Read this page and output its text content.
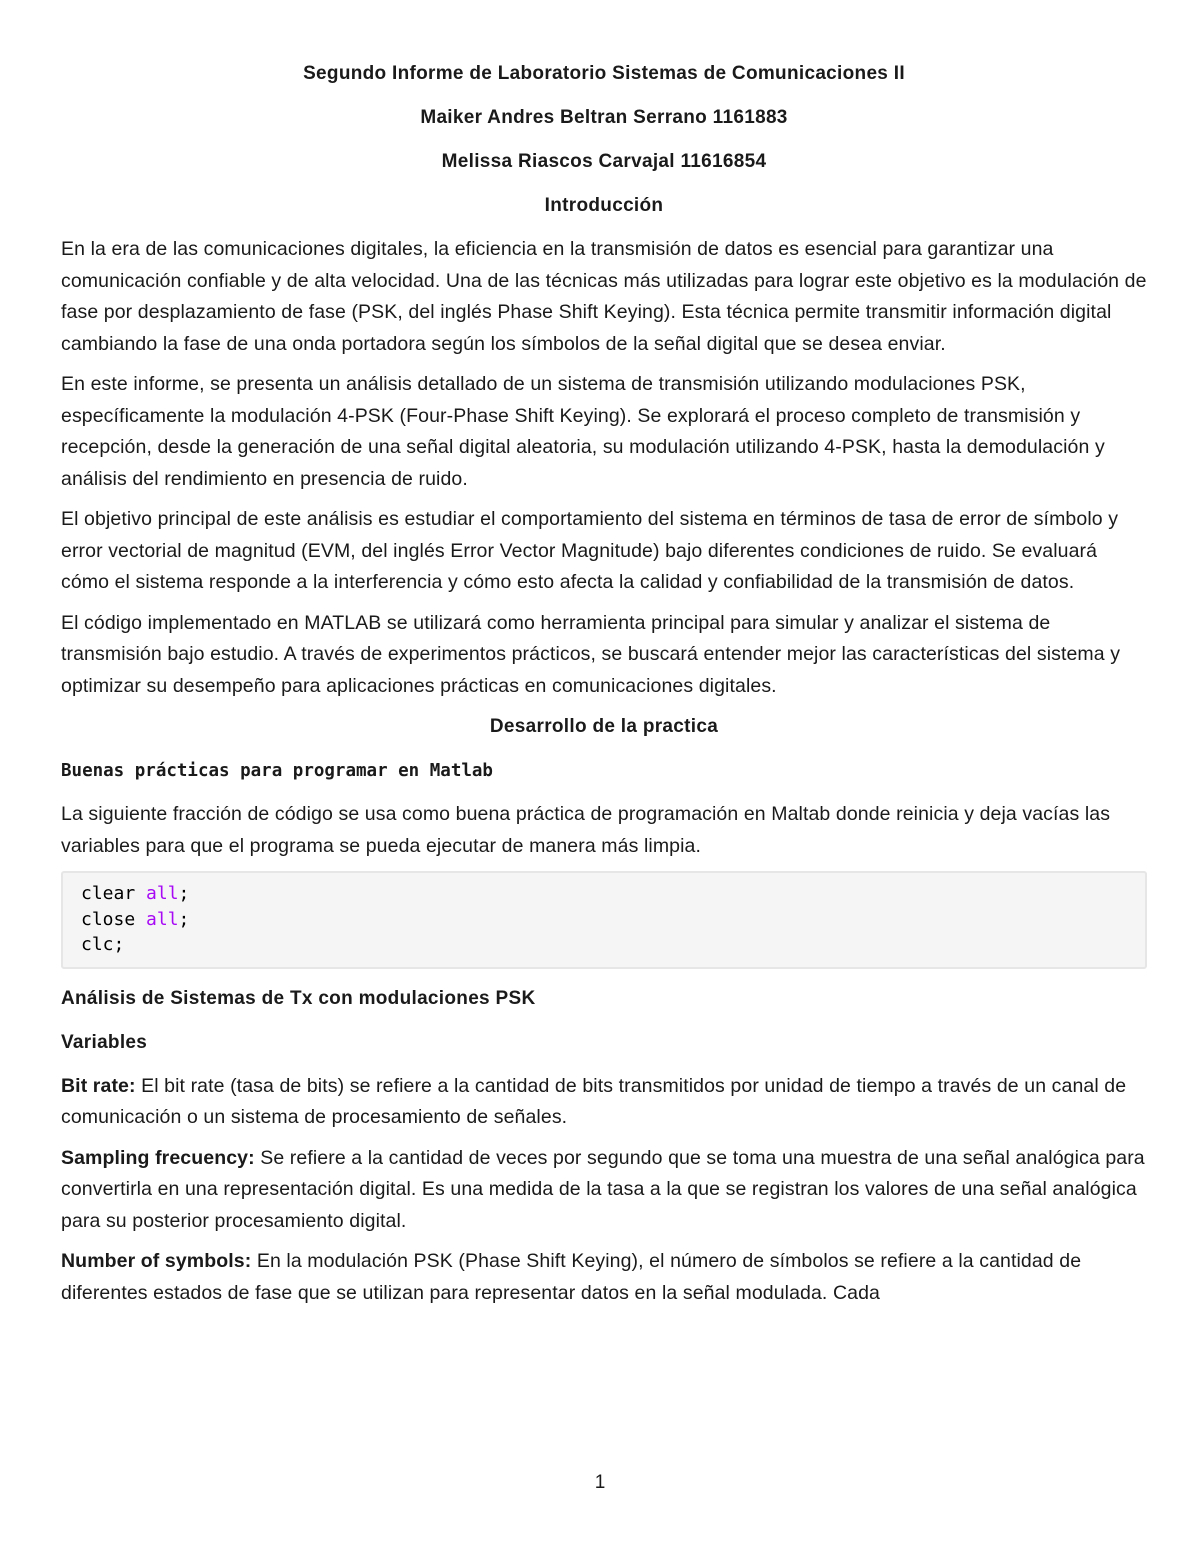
Segundo Informe de Laboratorio Sistemas de Comunicaciones II
Maiker Andres Beltran Serrano 1161883
Melissa Riascos Carvajal 11616854
Introducción

En la era de las comunicaciones digitales, la eficiencia en la transmisión de datos es esencial para garantizar una comunicación confiable y de alta velocidad. Una de las técnicas más utilizadas para lograr este objetivo es la modulación de fase por desplazamiento de fase (PSK, del inglés Phase Shift Keying). Esta técnica permite transmitir información digital cambiando la fase de una onda portadora según los símbolos de la señal digital que se desea enviar.

En este informe, se presenta un análisis detallado de un sistema de transmisión utilizando modulaciones PSK, específicamente la modulación 4-PSK (Four-Phase Shift Keying). Se explorará el proceso completo de transmisión y recepción, desde la generación de una señal digital aleatoria, su modulación utilizando 4-PSK, hasta la demodulación y análisis del rendimiento en presencia de ruido.

El objetivo principal de este análisis es estudiar el comportamiento del sistema en términos de tasa de error de símbolo y error vectorial de magnitud (EVM, del inglés Error Vector Magnitude) bajo diferentes condiciones de ruido. Se evaluará cómo el sistema responde a la interferencia y cómo esto afecta la calidad y confiabilidad de la transmisión de datos.

El código implementado en MATLAB se utilizará como herramienta principal para simular y analizar el sistema de transmisión bajo estudio. A través de experimentos prácticos, se buscará entender mejor las características del sistema y optimizar su desempeño para aplicaciones prácticas en comunicaciones digitales.

Desarrollo de la practica
Buenas prácticas para programar en Matlab

La siguiente fracción de código se usa como buena práctica de programación en Maltab donde reinicia y deja vacías las variables para que el programa se pueda ejecutar de manera más limpia.

clear all;
close all;
clc;
Análisis de Sistemas de Tx con modulaciones PSK
Variables

Bit rate: El bit rate (tasa de bits) se refiere a la cantidad de bits transmitidos por unidad de tiempo a través de un canal de comunicación o un sistema de procesamiento de señales.

Sampling frecuency: Se refiere a la cantidad de veces por segundo que se toma una muestra de una señal analógica para convertirla en una representación digital. Es una medida de la tasa a la que se registran los valores de una señal analógica para su posterior procesamiento digital.

Number of symbols: En la modulación PSK (Phase Shift Keying), el número de símbolos se refiere a la cantidad de diferentes estados de fase que se utilizan para representar datos en la señal modulada. Cada

1
